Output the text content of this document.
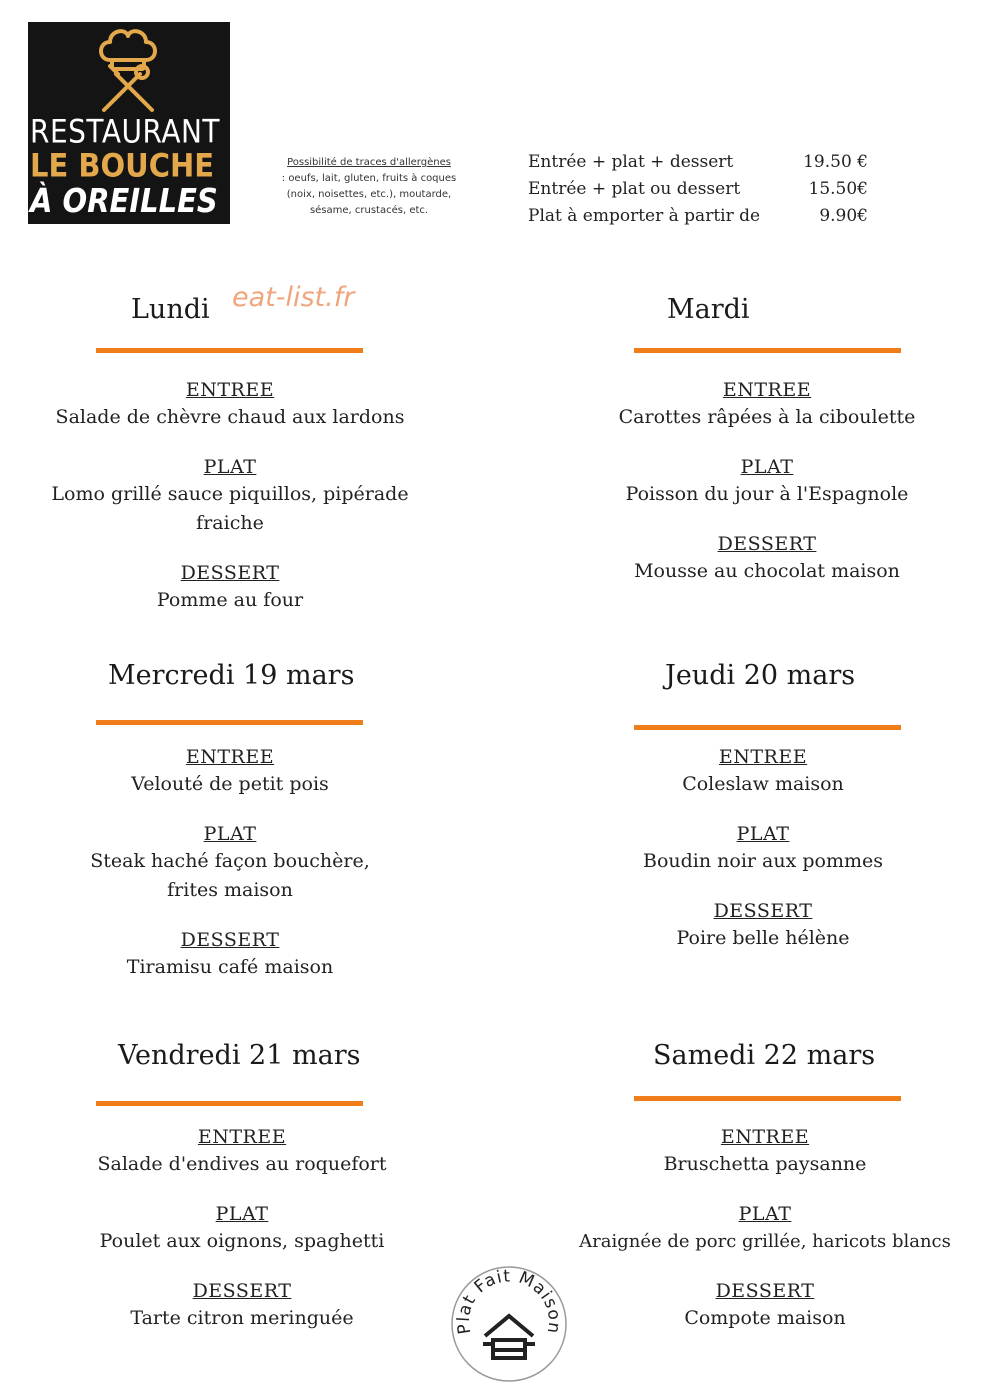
RESTAURANT
LE BOUCHE
À OREILLES
Possibilité de traces d'allergènes
: oeufs, lait, gluten, fruits à coques (noix, noisettes, etc.), moutarde, sésame, crustacés, etc.
Entrée + plat + dessert	19.50 €
Entrée + plat ou dessert	15.50€
Plat à emporter à partir de	9.90€
eat-list.fr
Lundi
ENTREE
Salade de chèvre chaud aux lardons
PLAT
Lomo grillé sauce piquillos, pipérade fraiche
DESSERT
Pomme au four
Mardi
ENTREE
Carottes râpées à la ciboulette
PLAT
Poisson du jour à l'Espagnole
DESSERT
Mousse au chocolat maison
Mercredi 19 mars
ENTREE
Velouté de petit pois
PLAT
Steak haché façon bouchère, frites maison
DESSERT
Tiramisu café maison
Jeudi 20 mars
ENTREE
Coleslaw maison
PLAT
Boudin noir aux pommes
DESSERT
Poire belle hélène
Vendredi 21 mars
ENTREE
Salade d'endives au roquefort
PLAT
Poulet aux oignons, spaghetti
DESSERT
Tarte citron meringuée
Samedi 22 mars
ENTREE
Bruschetta paysanne
PLAT
Araignée de porc grillée, haricots blancs
DESSERT
Compote maison
Plat Fait Maison
